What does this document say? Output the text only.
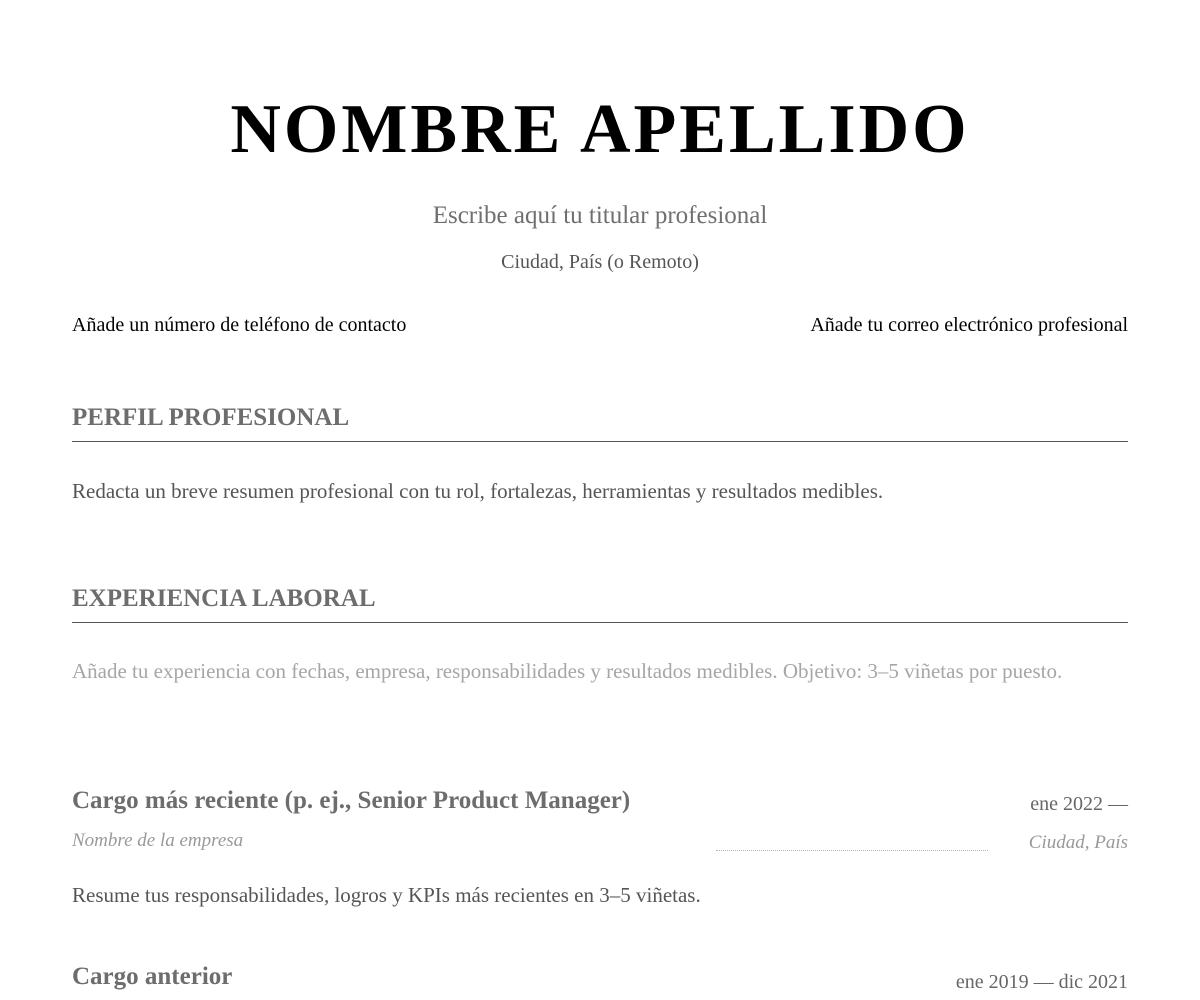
NOMBRE APELLIDO
Escribe aquí tu titular profesional
Ciudad, País (o Remoto)
Añade un número de teléfono de contacto	Añade tu correo electrónico profesional
PERFIL PROFESIONAL
Redacta un breve resumen profesional con tu rol, fortalezas, herramientas y resultados medibles.
EXPERIENCIA LABORAL
Añade tu experiencia con fechas, empresa, responsabilidades y resultados medibles. Objetivo: 3–5 viñetas por puesto.
Cargo más reciente (p. ej., Senior Product Manager)	ene 2022 —
Nombre de la empresa	Ciudad, País
Resume tus responsabilidades, logros y KPIs más recientes en 3–5 viñetas.
Cargo anterior	ene 2019 — dic 2021
